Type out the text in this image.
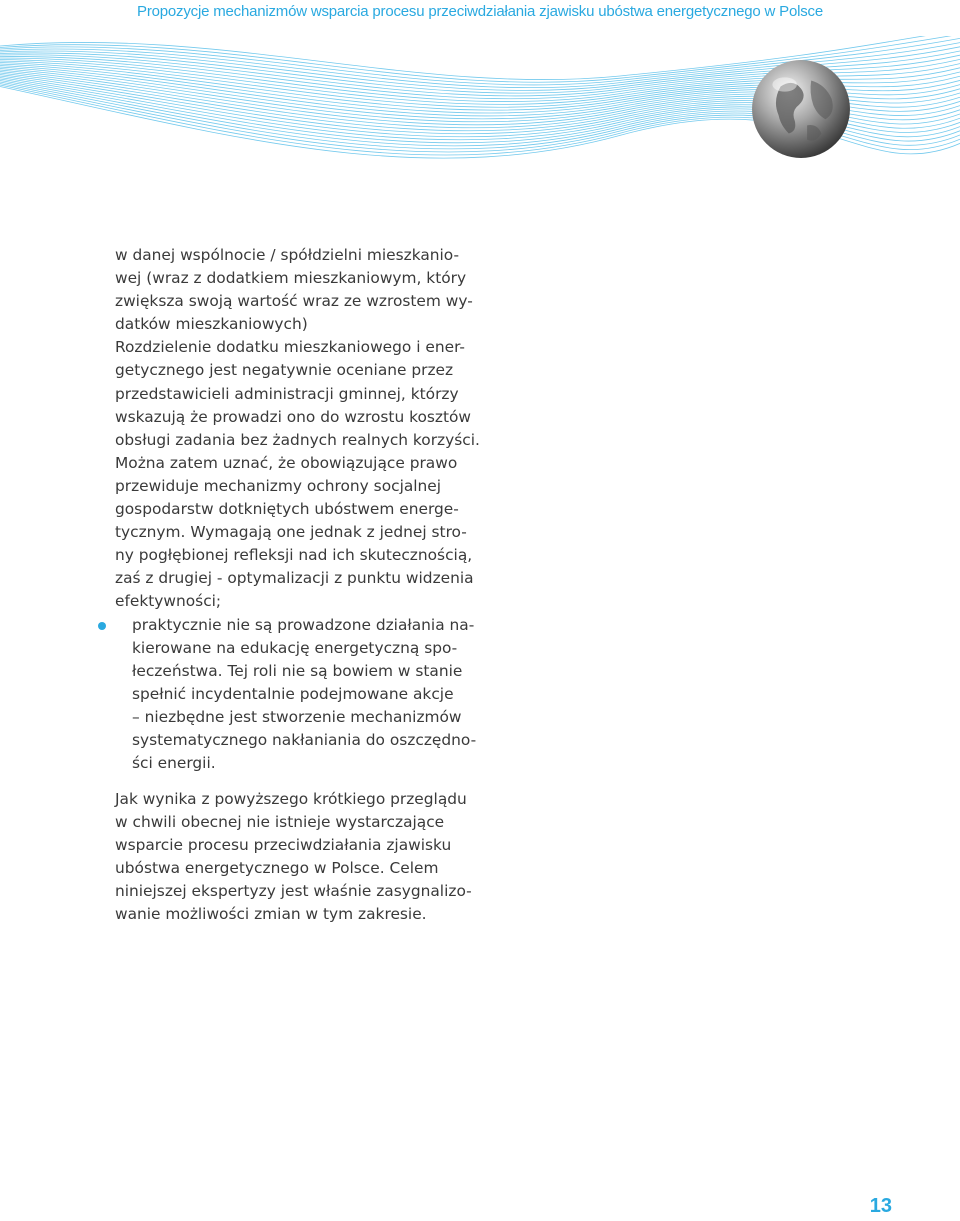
Propozycje mechanizmów wsparcia procesu przeciwdziałania zjawisku ubóstwa energetycznego w Polsce

w danej wspólnocie / spółdzielni mieszkanio-
wej (wraz z dodatkiem mieszkaniowym, który
zwiększa swoją wartość wraz ze wzrostem wy-
datków mieszkaniowych)
Rozdzielenie dodatku mieszkaniowego i ener-
getycznego jest negatywnie oceniane przez
przedstawicieli administracji gminnej, którzy
wskazują że prowadzi ono do wzrostu kosztów
obsługi zadania bez żadnych realnych korzyści.
Można zatem uznać, że obowiązujące prawo
przewiduje mechanizmy ochrony socjalnej
gospodarstw dotkniętych ubóstwem energe-
tycznym. Wymagają one jednak z jednej stro-
ny pogłębionej refleksji nad ich skutecznością,
zaś z drugiej - optymalizacji z punktu widzenia
efektywności;

praktycznie nie są prowadzone działania na-
kierowane na edukację energetyczną spo-
łeczeństwa. Tej roli nie są bowiem w stanie
spełnić incydentalnie podejmowane akcje
– niezbędne jest stworzenie mechanizmów
systematycznego nakłaniania do oszczędno-
ści energii.

Jak wynika z powyższego krótkiego przeglądu
w chwili obecnej nie istnieje wystarczające
wsparcie procesu przeciwdziałania zjawisku
ubóstwa energetycznego w Polsce. Celem
niniejszej ekspertyzy jest właśnie zasygnalizo-
wanie możliwości zmian w tym zakresie.

13
